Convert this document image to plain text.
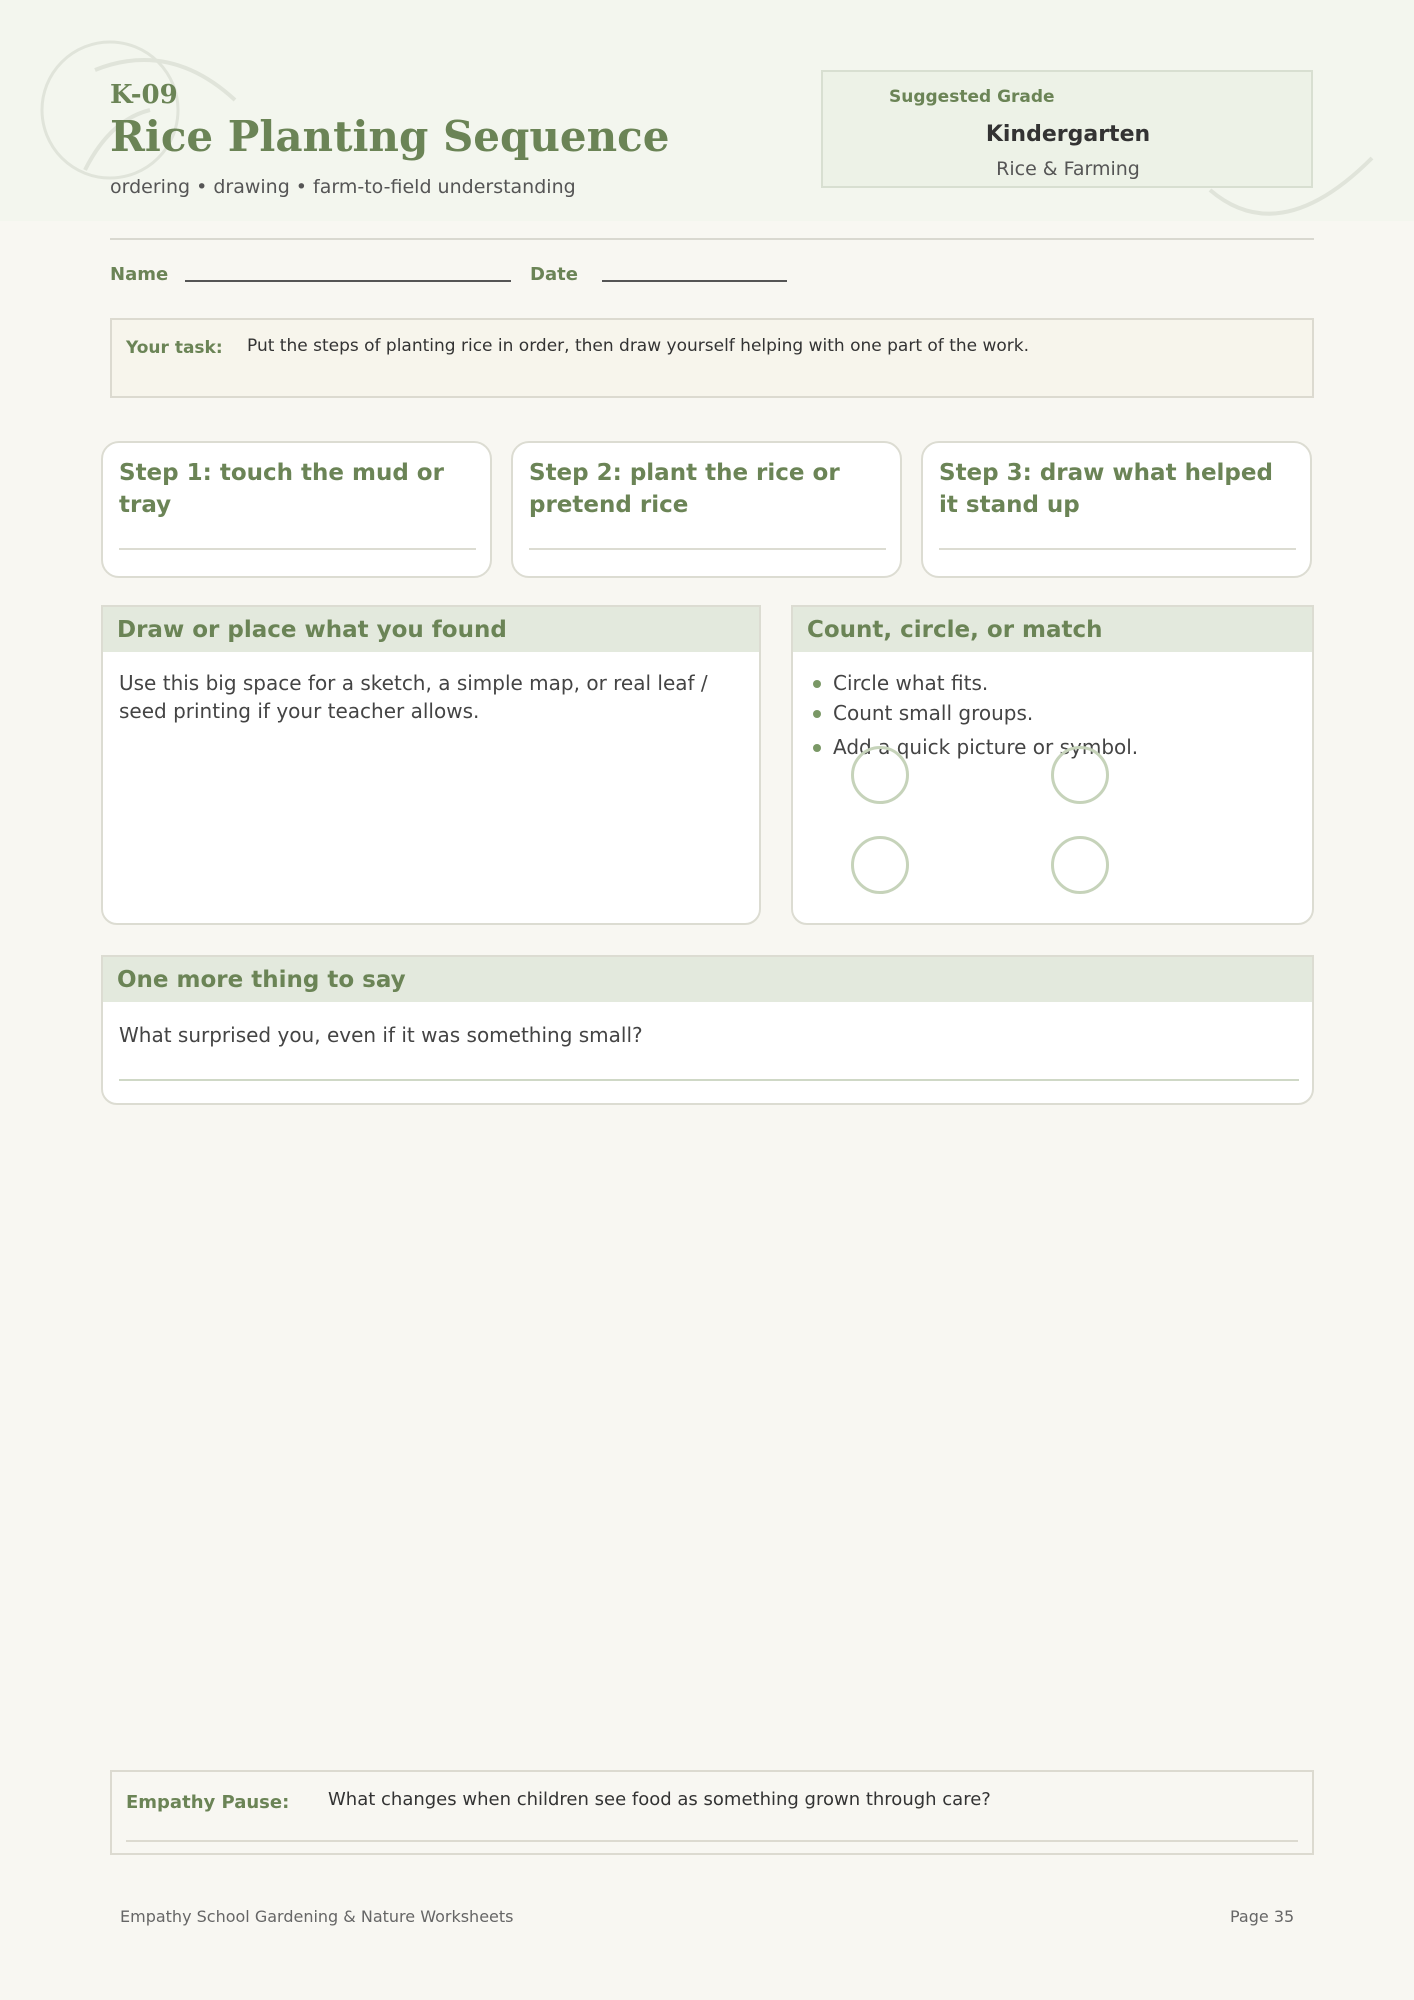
K-09
Rice Planting Sequence
ordering • drawing • farm-to-field understanding
Suggested Grade
Kindergarten
Rice & Farming
Name	Date
Your task: Put the steps of planting rice in order, then draw yourself helping with one part of the work.
Step 1: touch the mud or tray
Step 2: plant the rice or pretend rice
Step 3: draw what helped it stand up
Draw or place what you found
Use this big space for a sketch, a simple map, or real leaf / seed printing if your teacher allows.
Count, circle, or match
Circle what fits.
Count small groups.
Add a quick picture or symbol.
One more thing to say
What surprised you, even if it was something small?
Empathy Pause: What changes when children see food as something grown through care?
Empathy School Gardening & Nature Worksheets	Page 35
